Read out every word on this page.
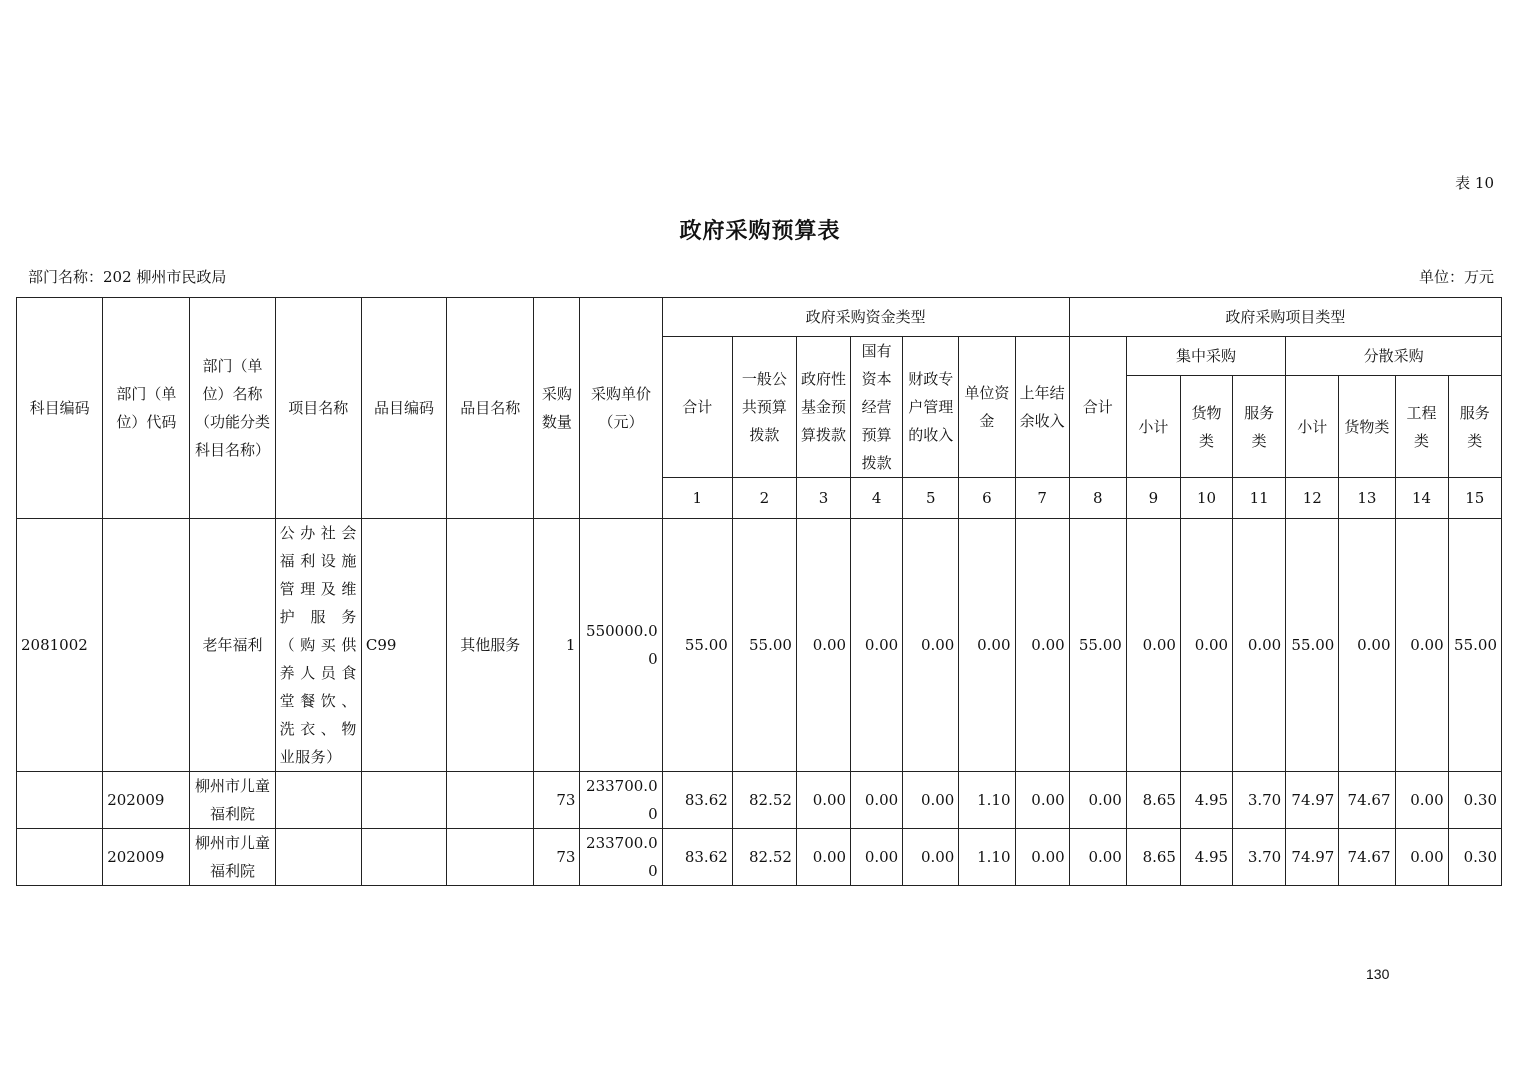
表 10
政府采购预算表
部门名称：202 柳州市民政局	单位：万元
科目编码	部门（单位）代码	部门（单位）名称（功能分类科目名称）	项目名称	品目编码	品目名称	采购数量	采购单价（元）	政府采购资金类型							政府采购项目类型							
								合计	一般公共预算拨款	政府性基金预算拨款	国有资本经营预算拨款	财政专户管理的收入	单位资金	上年结余收入	合计	集中采购			分散采购			
																小计	货物类	服务类	小计	货物类	工程类	服务类
								1	2	3	4	5	6	7	8	9	10	11	12	13	14	15
2081002		老年福利	公办社会福利设施管理及维护服务（购买供养人员食堂餐饮、洗衣、物业服务）	C99	其他服务	1	550000.00	55.00	55.00	0.00	0.00	0.00	0.00	0.00	55.00	0.00	0.00	0.00	55.00	0.00	0.00	55.00
	202009	柳州市儿童福利院				73	233700.00	83.62	82.52	0.00	0.00	0.00	1.10	0.00	0.00	8.65	4.95	3.70	74.97	74.67	0.00	0.30
	202009	柳州市儿童福利院				73	233700.00	83.62	82.52	0.00	0.00	0.00	1.10	0.00	0.00	8.65	4.95	3.70	74.97	74.67	0.00	0.30
130
